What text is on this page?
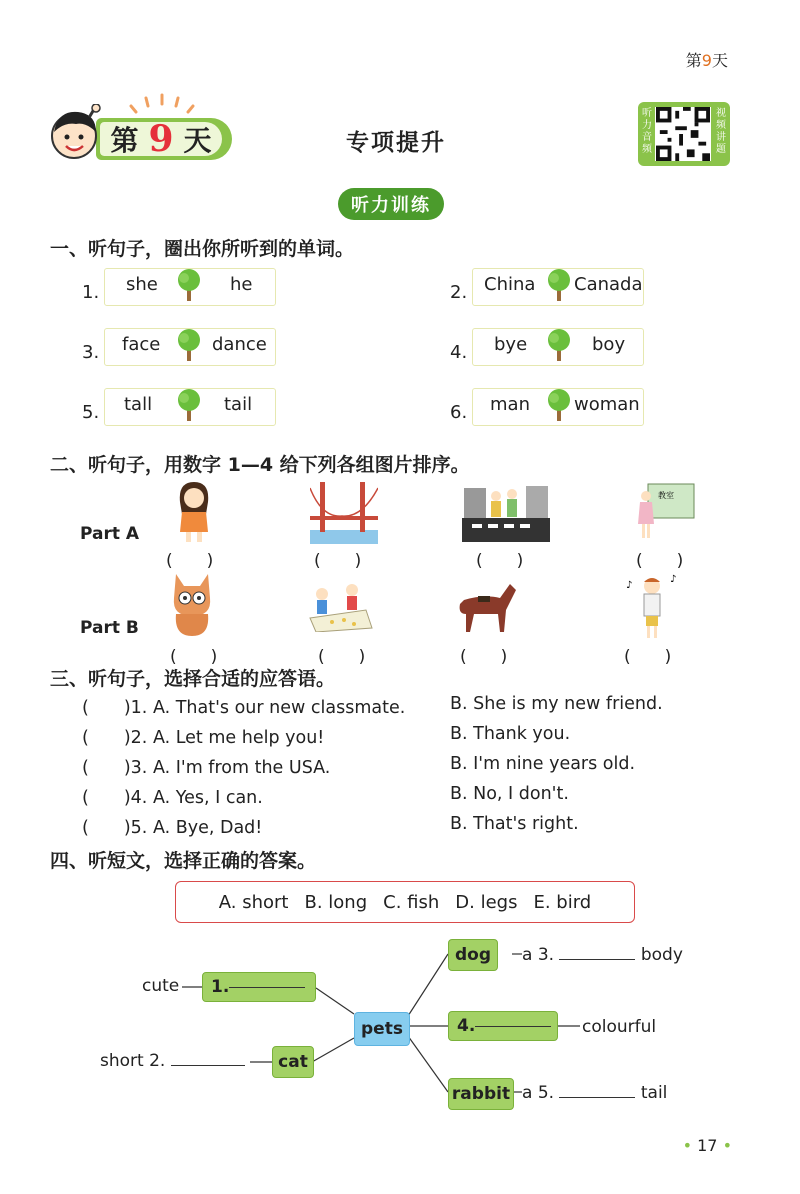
第9天
第 9 天	专项提升
听
力
音
频
视
频
讲
题
听力训练
一、听句子，圈出你所听到的单词。
1. she	he	2. China Canada
3. face	dance	4. bye	boy
5. tall	tail	6. man woman
二、听句子，用数字 1—4 给下列各组图片排序。
Part A
Part B
教室
(　　)	(　　)	(　　)	(　　)
♪
♪
(　　)	(　　)	(　　)	(　　)
三、听句子，选择合适的应答语。
(　　)1. A. That's our new classmate.	B. She is my new friend.
(　　)2. A. Let me help you!	B. Thank you.
(　　)3. A. I'm from the USA.	B. I'm nine years old.
(　　)4. A. Yes, I can.	B. No, I don't.
(　　)5. A. Bye, Dad!	B. That's right.
四、听短文，选择正确的答案。
A. short B. long C. fish D. legs E. bird
cute 1.
short 2.	cat
pets
dog	a 3.	body
4.	colourful
rabbit a 5.	tail
• 17 •
